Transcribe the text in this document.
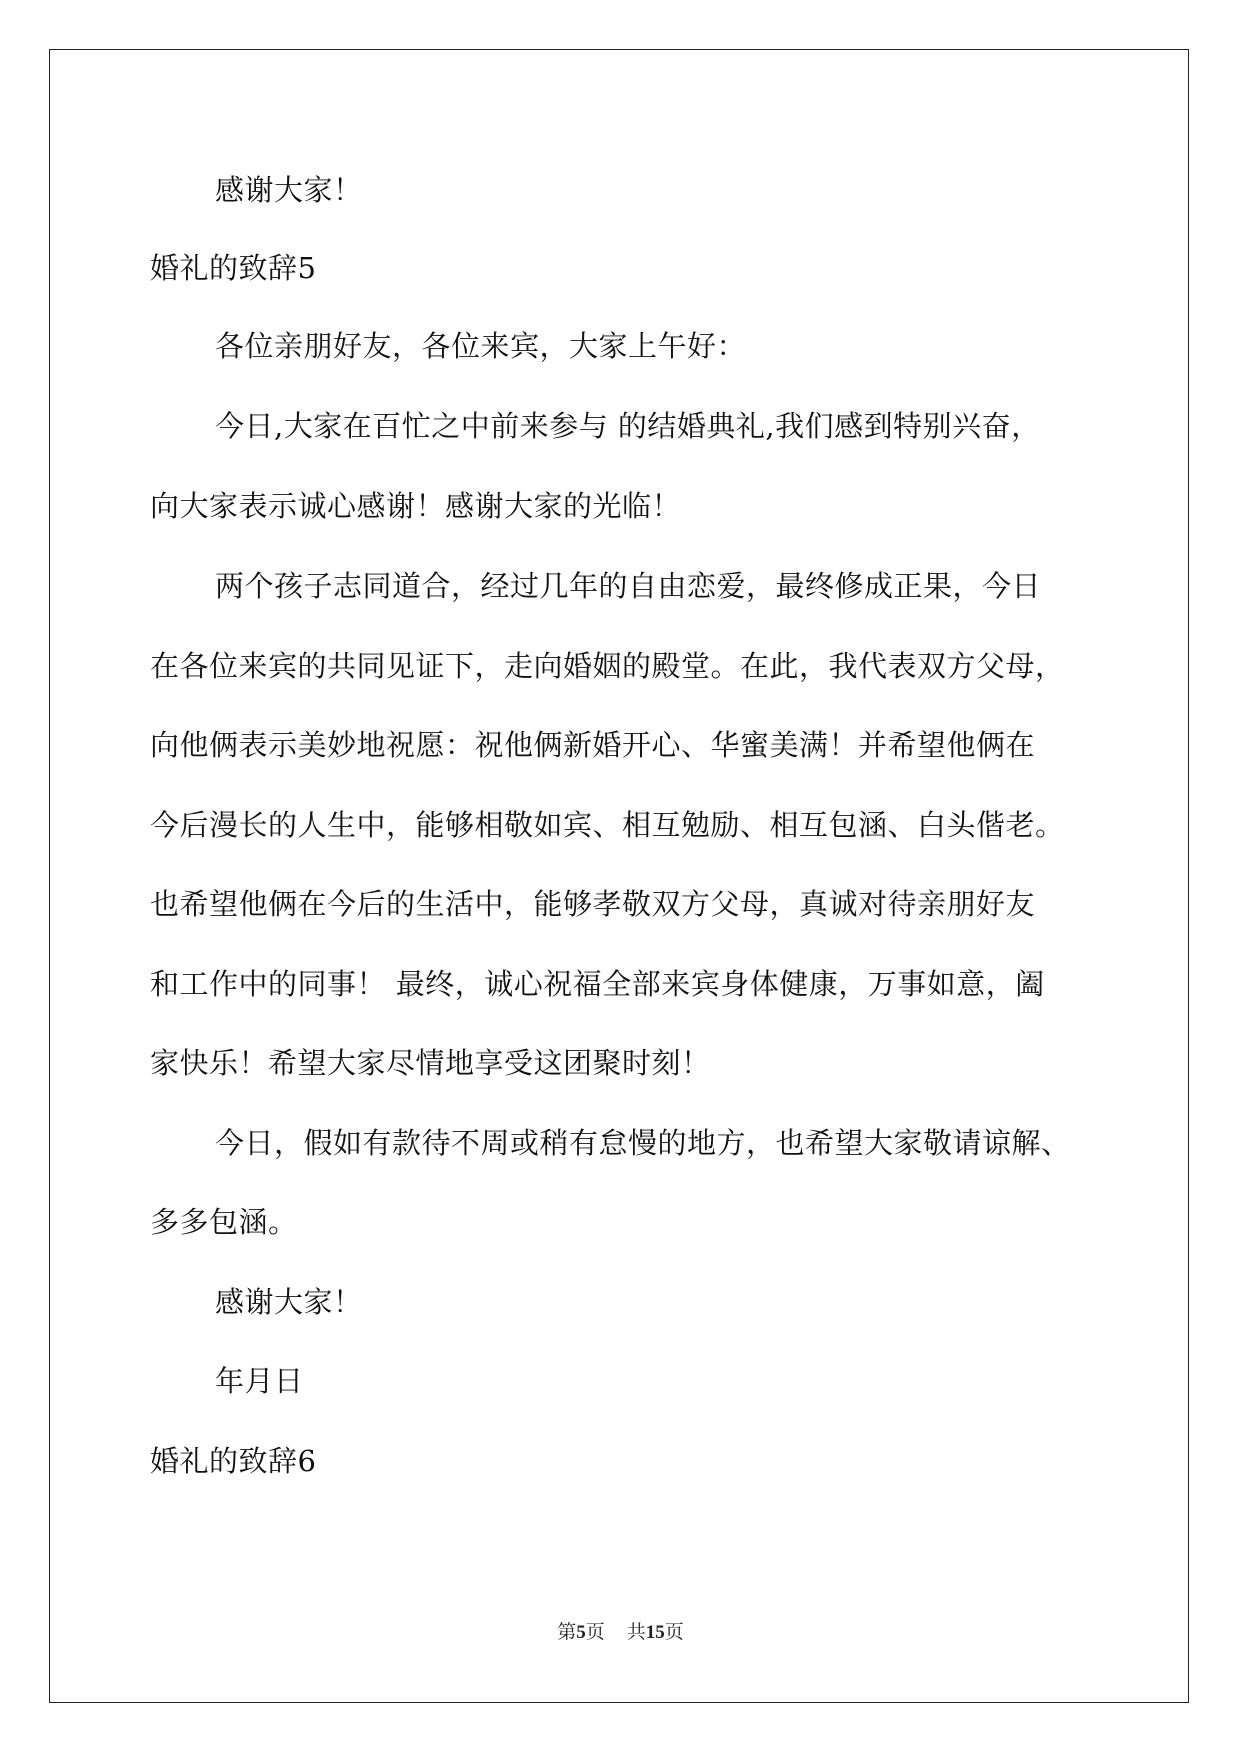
感谢大家！
婚礼的致辞5
各位亲朋好友，各位来宾，大家上午好：
今日,大家在百忙之中前来参与 的结婚典礼,我们感到特别兴奋，
向大家表示诚心感谢！感谢大家的光临！
两个孩子志同道合，经过几年的自由恋爱，最终修成正果，今日
在各位来宾的共同见证下，走向婚姻的殿堂。在此，我代表双方父母，
向他俩表示美妙地祝愿：祝他俩新婚开心、华蜜美满！并希望他俩在
今后漫长的人生中，能够相敬如宾、相互勉励、相互包涵、白头偕老。
也希望他俩在今后的生活中，能够孝敬双方父母，真诚对待亲朋好友
和工作中的同事！ 最终，诚心祝福全部来宾身体健康，万事如意，阖
家快乐！希望大家尽情地享受这团聚时刻！
今日，假如有款待不周或稍有怠慢的地方，也希望大家敬请谅解、
多多包涵。
感谢大家！
年月日
婚礼的致辞6
第5页 共15页
